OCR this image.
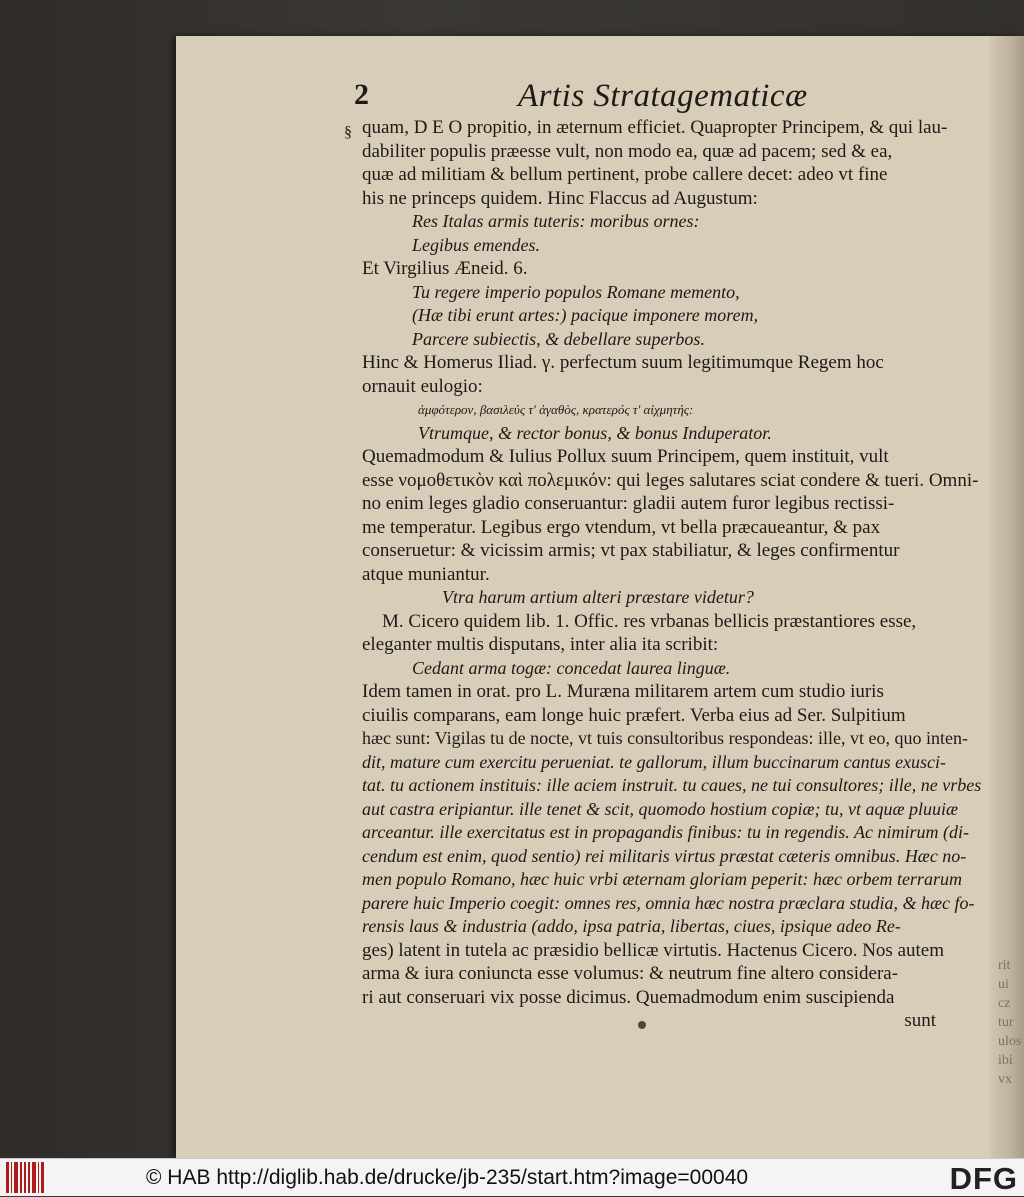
rit
ui
cz
tur
ulos
ibi
vx
2	Artis Stratagematicæ
§ quam, D E O propitio, in æternum efficiet. Quapropter Principem, & qui lau-
dabiliter populis præesse vult, non modo ea, quæ ad pacem; sed & ea,
quæ ad militiam & bellum pertinent, probe callere decet: adeo vt fine
his ne princeps quidem. Hinc Flaccus ad Augustum:
Res Italas armis tuteris: moribus ornes:
Legibus emendes.
Et Virgilius Æneid. 6.
Tu regere imperio populos Romane memento,
(Hæ tibi erunt artes:) pacique imponere morem,
Parcere subiectis, & debellare superbos.
Hinc & Homerus Iliad. γ. perfectum suum legitimumque Regem hoc
ornauit eulogio:
ἀμφότερον, βασιλεύς τ' ἀγαθὸς, κρατερός τ' αἰχμητής:
Vtrumque, & rector bonus, & bonus Induperator.
Quemadmodum & Iulius Pollux suum Principem, quem instituit, vult
esse νομοθετικὸν καὶ πολεμικόν: qui leges salutares sciat condere & tueri. Omni-
no enim leges gladio conseruantur: gladii autem furor legibus rectissi-
me temperatur. Legibus ergo vtendum, vt bella præcaueantur, & pax
conseruetur: & vicissim armis; vt pax stabiliatur, & leges confirmentur
atque muniantur.
Vtra harum artium alteri præstare videtur?
M. Cicero quidem lib. 1. Offic. res vrbanas bellicis præstantiores esse,
eleganter multis disputans, inter alia ita scribit:
Cedant arma togæ: concedat laurea linguæ.
Idem tamen in orat. pro L. Muræna militarem artem cum studio iuris
ciuilis comparans, eam longe huic præfert. Verba eius ad Ser. Sulpitium
hæc sunt: Vigilas tu de nocte, vt tuis consultoribus respondeas: ille, vt eo, quo inten-
dit, mature cum exercitu perueniat. te gallorum, illum buccinarum cantus exusci-
tat. tu actionem instituis: ille aciem instruit. tu caues, ne tui consultores; ille, ne vrbes
aut castra eripiantur. ille tenet & scit, quomodo hostium copiæ; tu, vt aquæ pluuiæ
arceantur. ille exercitatus est in propagandis finibus: tu in regendis. Ac nimirum (di-
cendum est enim, quod sentio) rei militaris virtus præstat cæteris omnibus. Hæc no-
men populo Romano, hæc huic vrbi æternam gloriam peperit: hæc orbem terrarum
parere huic Imperio coegit: omnes res, omnia hæc nostra præclara studia, & hæc fo-
rensis laus & industria (addo, ipsa patria, libertas, ciues, ipsique adeo Re-
ges) latent in tutela ac præsidio bellicæ virtutis. Hactenus Cicero. Nos autem
arma & iura coniuncta esse volumus: & neutrum fine altero considera-
ri aut conseruari vix posse dicimus. Quemadmodum enim suscipienda
sunt
© HAB http://diglib.hab.de/drucke/jb-235/start.htm?image=00040	DFG
